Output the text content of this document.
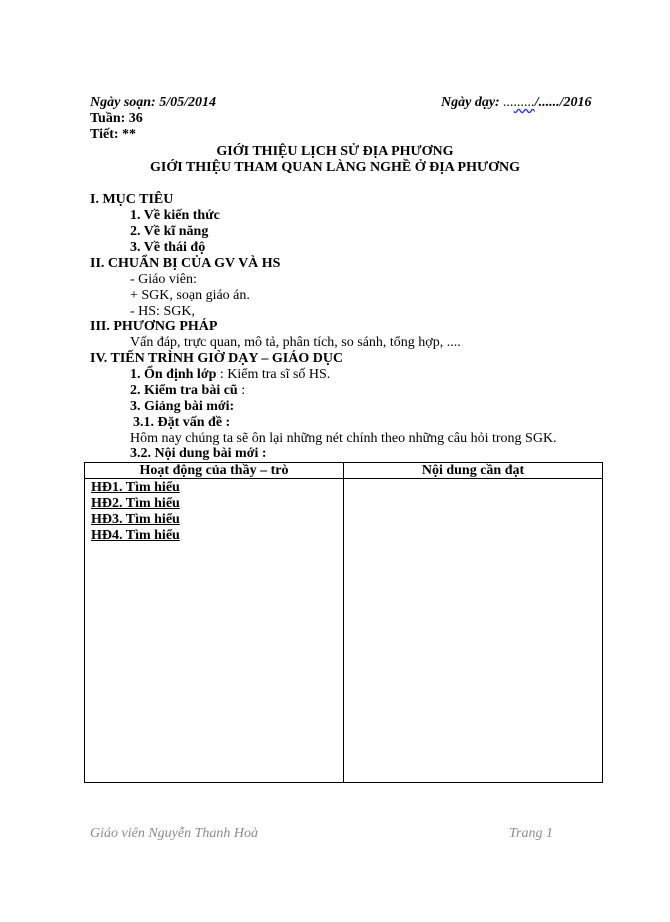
Ngày soạn: 5/05/2014	Ngày dạy: ........./....../2016
Tuần: 36
Tiết: **
GIỚI THIỆU LỊCH SỬ ĐỊA PHƯƠNG
GIỚI THIỆU THAM QUAN LÀNG NGHỀ Ở ĐỊA PHƯƠNG
I. MỤC TIÊU
1. Về kiến thức
2. Về kĩ năng
3. Về thái độ
II. CHUẨN BỊ CỦA GV VÀ HS
- Giáo viên:
+ SGK, soạn giáo án.
- HS: SGK,
III. PHƯƠNG PHÁP
Vấn đáp, trực quan, mô tả, phân tích, so sánh, tổng hợp, ....
IV. TIẾN TRÌNH GIỜ DẠY – GIÁO DỤC
1. Ổn định lớp : Kiểm tra sĩ số HS.
2. Kiểm tra bài cũ :
3. Giảng bài mới:
3.1. Đặt vấn đề :
Hôm nay chúng ta sẽ ôn lại những nét chính theo những câu hỏi trong SGK.
3.2. Nội dung bài mới :
Hoạt động của thầy – trò	Nội dung cần đạt
HĐ1. Tìm hiểu
HĐ2. Tìm hiểu
HĐ3. Tìm hiểu
HĐ4. Tìm hiểu
Giáo viên Nguyễn Thanh Hoà	Trang 1
